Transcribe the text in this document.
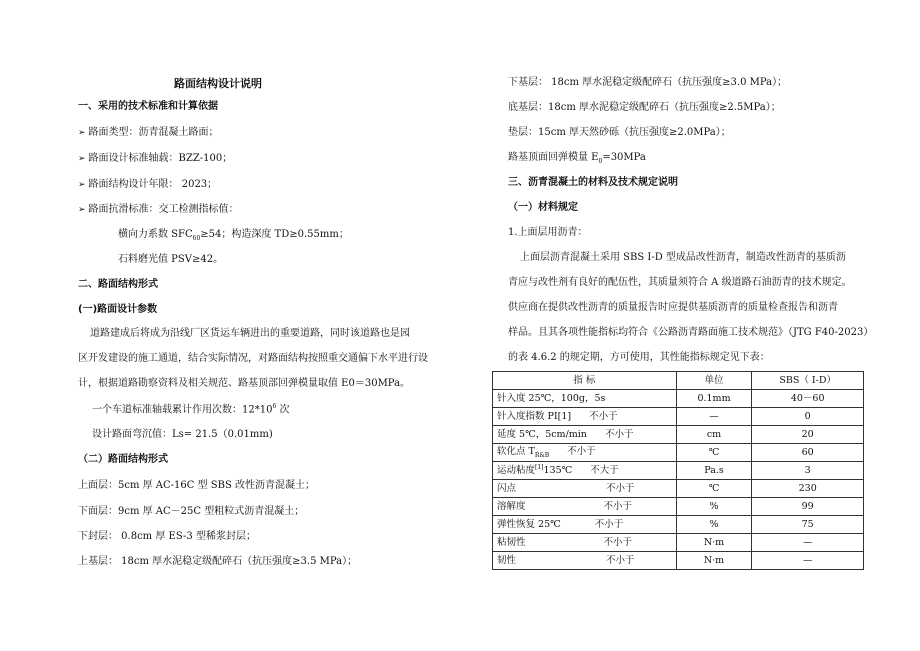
路面结构设计说明
一、采用的技术标准和计算依据
➢ 路面类型：沥青混凝土路面；
➢ 路面设计标准轴载：BZZ-100；
➢ 路面结构设计年限： 2023；
➢ 路面抗滑标准：交工检测指标值：
横向力系数 $SFC_{60}\ge 54$；构造深度 TD≥0.55mm；
石料磨光值 PSV≥42。
二、路面结构形式
(一)路面设计参数
道路建成后将成为沿线厂区货运车辆进出的重要道路，同时该道路也是园
区开发建设的施工通道，结合实际情况，对路面结构按照重交通偏下水平进行设
计，根据道路勘察资料及相关规范、路基顶部回弹模量取值 E0＝30MPa。
一个车道标准轴载累计作用次数：$12*10^6$ 次
设计路面弯沉值：Ls= 21.5（0.01mm)
（二）路面结构形式
上面层：5cm 厚 AC-16C 型 SBS 改性沥青混凝土；
下面层：9cm 厚 AC－25C 型粗粒式沥青混凝土；
下封层： 0.8cm 厚 ES-3 型稀浆封层；
上基层： 18cm 厚水泥稳定级配碎石（抗压强度≥3.5 MPa）；
下基层： 18cm 厚水泥稳定级配碎石（抗压强度≥3.0 MPa）；
底基层：18cm 厚水泥稳定级配碎石（抗压强度≥2.5MPa）；
垫层：15cm 厚天然砂砾（抗压强度≥2.0MPa）；
路基顶面回弹模量 $E_0=30MPa$
三、沥青混凝土的材料及技术规定说明
（一）材料规定
1.上面层用沥青：
上面层沥青混凝土采用 SBS Ⅰ-D 型成品改性沥青，制造改性沥青的基质沥
青应与改性剂有良好的配伍性，其质量须符合 A 级道路石油沥青的技术规定。
供应商在提供改性沥青的质量报告时应提供基质沥青的质量检查报告和沥青
样品。且其各项性能指标均符合《公路沥青路面施工技术规范》（JTG F40-2023）
的表 4.6.2 的规定期，方可使用，其性能指标规定见下表：
指 标	单位	SBS（ Ⅰ-D）
针入度 25℃，100g，5s	0.1mm	40－60
针入度指数 PI[1] 不小于	—	0
延度 5℃，5cm/min 不小于	cm	20
软化点 $T_{R\&B}$ 不小于	℃	60
运动粘度[1]135℃ 不大于	Pa.s	3
闪点 不小于	℃	230
溶解度 不小于	%	99
弹性恢复 25℃ 不小于	%	75
粘韧性 不小于	N·m	—
韧性 不小于	N·m	—
